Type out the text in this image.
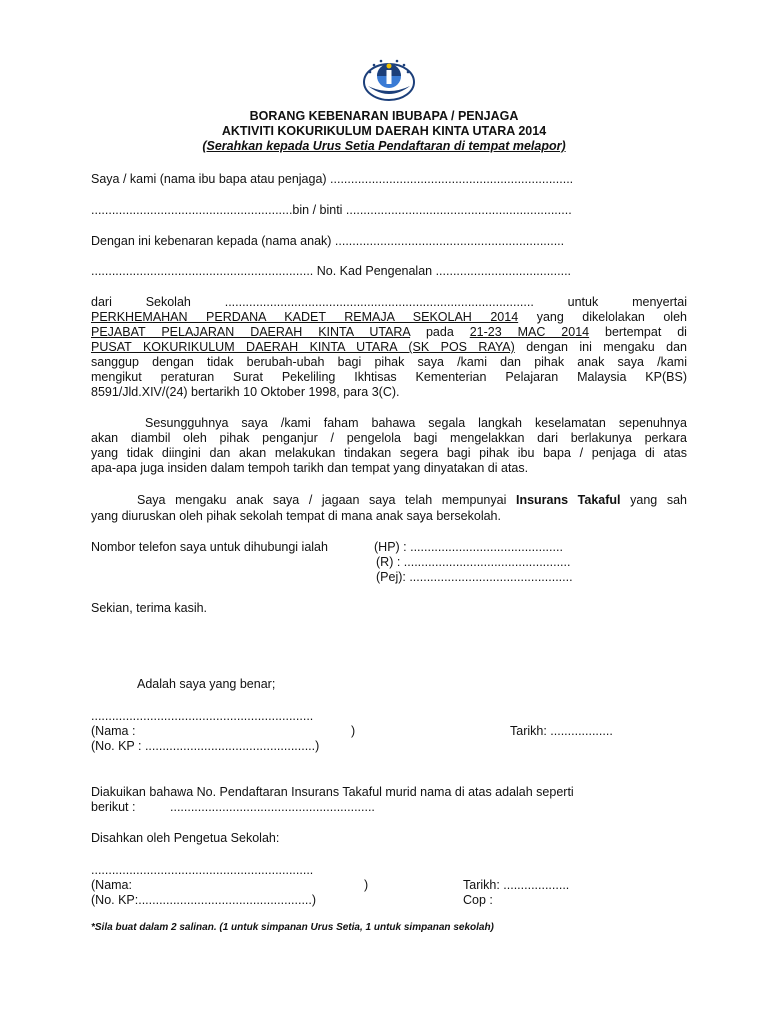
BORANG KEBENARAN IBUBAPA / PENJAGA
AKTIVITI KOKURIKULUM DAERAH KINTA UTARA 2014
(Serahkan kepada Urus Setia Pendaftaran di tempat melapor)
Saya / kami (nama ibu bapa atau penjaga) ......................................................................
..........................................................bin / binti .................................................................
Dengan ini kebenaran kepada (nama anak) ..................................................................
................................................................ No. Kad Pengenalan .......................................
dari	Sekolah	.........................................................................................	untuk	menyertai
PERKHEMAHAN PERDANA KADET REMAJA SEKOLAH 2014 yang dikelolakan oleh
PEJABAT PELAJARAN DAERAH KINTA UTARA pada 21-23 MAC 2014 bertempat di
PUSAT KOKURIKULUM DAERAH KINTA UTARA (SK POS RAYA) dengan ini mengaku dan
sanggup dengan tidak berubah-ubah bagi pihak saya /kami dan pihak anak saya /kami
mengikut peraturan Surat Pekeliling Ikhtisas Kementerian Pelajaran Malaysia KP(BS)
8591/Jld.XIV/(24) bertarikh 10 Oktober 1998, para 3(C).
Sesungguhnya saya /kami faham bahawa segala langkah keselamatan sepenuhnya
akan diambil oleh pihak penganjur / pengelola bagi mengelakkan dari berlakunya perkara
yang tidak diingini dan akan melakukan tindakan segera bagi pihak ibu bapa / penjaga di atas
apa-apa juga insiden dalam tempoh tarikh dan tempat yang dinyatakan di atas.
Saya mengaku anak saya / jagaan saya telah mempunyai Insurans Takaful yang sah
yang diuruskan oleh pihak sekolah tempat di mana anak saya bersekolah.
Nombor telefon saya untuk dihubungi ialah	(HP) : ............................................
(R) : ................................................
(Pej): ...............................................
Sekian, terima kasih.
Adalah saya yang benar;
................................................................
(Nama :	)	Tarikh: ..................
(No. KP : .................................................)
Diakuikan bahawa No. Pendaftaran Insurans Takaful murid nama di atas adalah seperti
berikut :	...........................................................
Disahkan oleh Pengetua Sekolah:
................................................................
(Nama:	)	Tarikh: ...................
(No. KP:..................................................)	Cop :
*Sila buat dalam 2 salinan. (1 untuk simpanan Urus Setia, 1 untuk simpanan sekolah)
